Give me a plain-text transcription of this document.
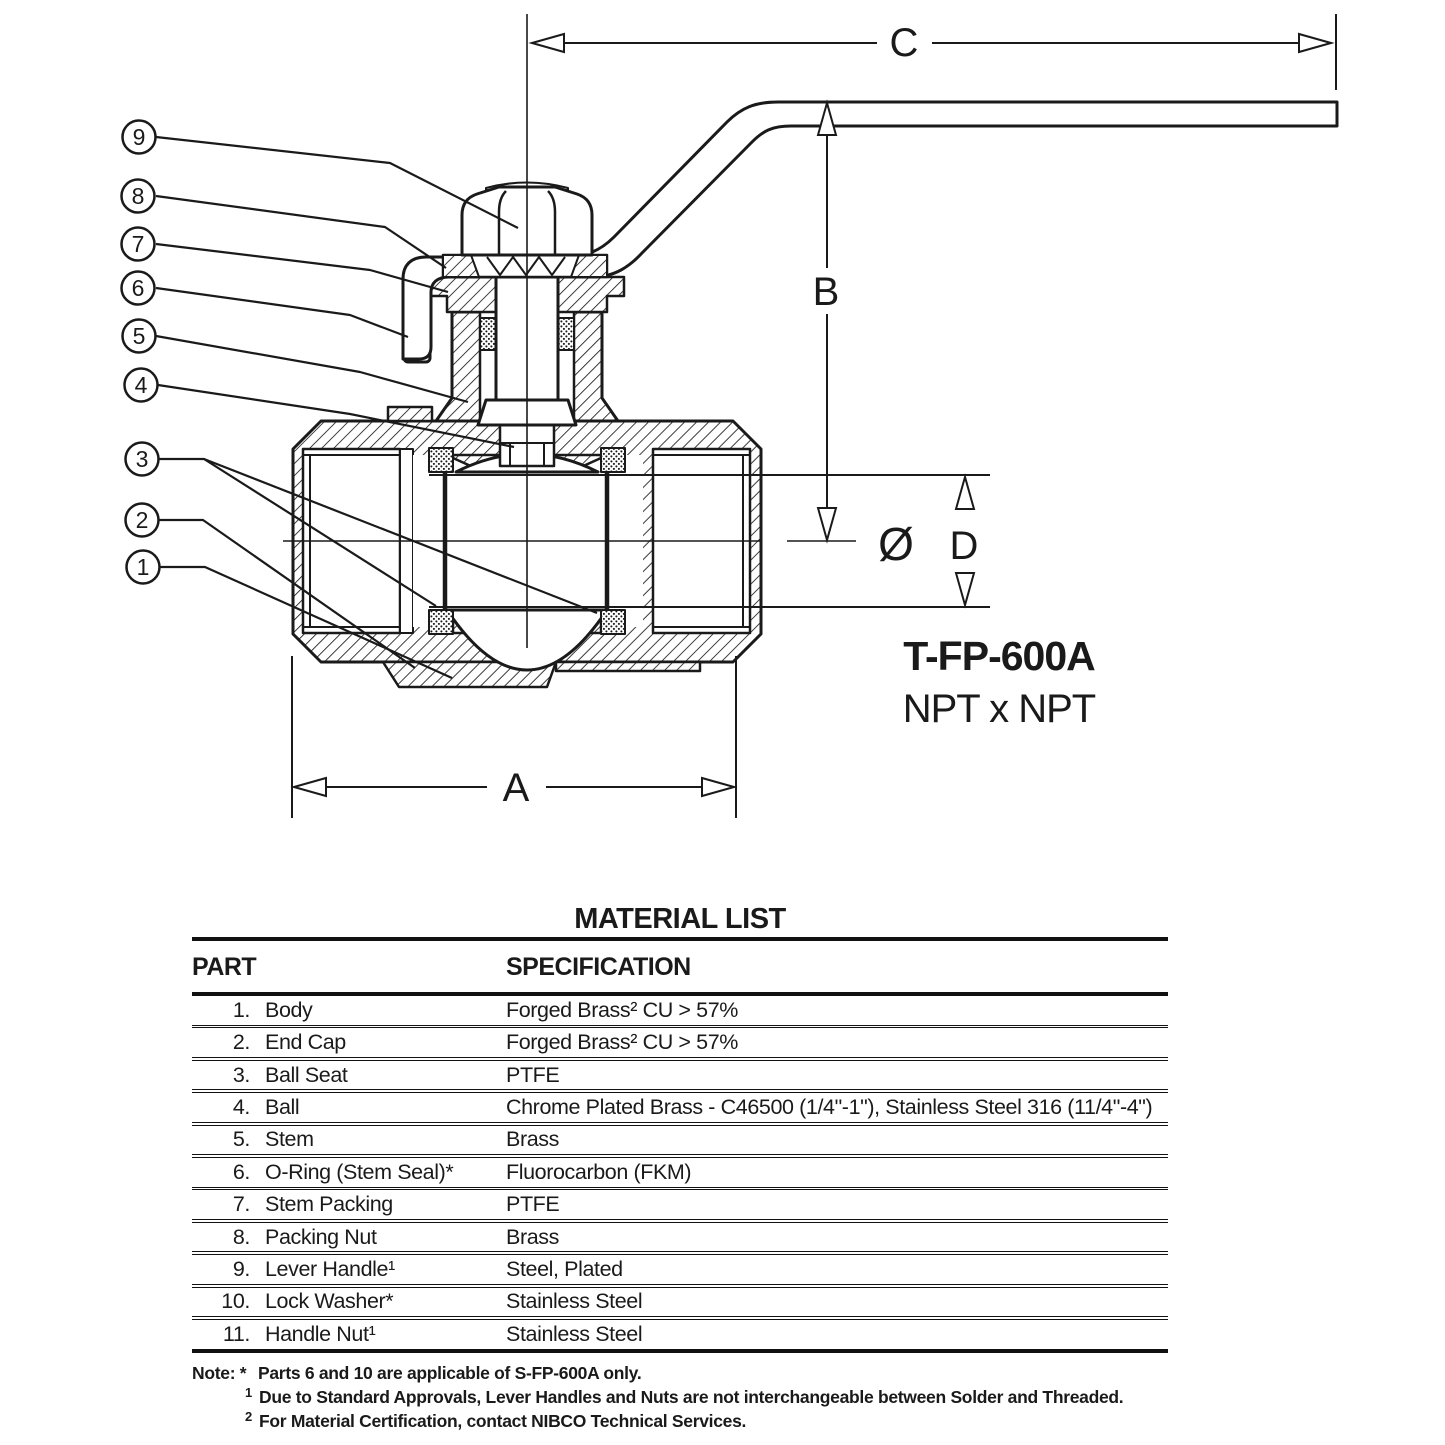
9
8
7
6
5
4
3
2
1
C
B
A
Ø D
T-FP-600A
NPT x NPT
MATERIAL LIST
PART	SPECIFICATION
1. Body	Forged Brass² CU > 57%
2. End Cap	Forged Brass² CU > 57%
3. Ball Seat	PTFE
4. Ball	Chrome Plated Brass - C46500 (1/4"-1"), Stainless Steel 316 (11/4"-4")
5. Stem	Brass
6. O-Ring (Stem Seal)*	Fluorocarbon (FKM)
7. Stem Packing	PTFE
8. Packing Nut	Brass
9. Lever Handle¹	Steel, Plated
10. Lock Washer*	Stainless Steel
11. Handle Nut¹	Stainless Steel
Note: * Parts 6 and 10 are applicable of S-FP-600A only.
1 Due to Standard Approvals, Lever Handles and Nuts are not interchangeable between Solder and Threaded.
2 For Material Certification, contact NIBCO Technical Services.
